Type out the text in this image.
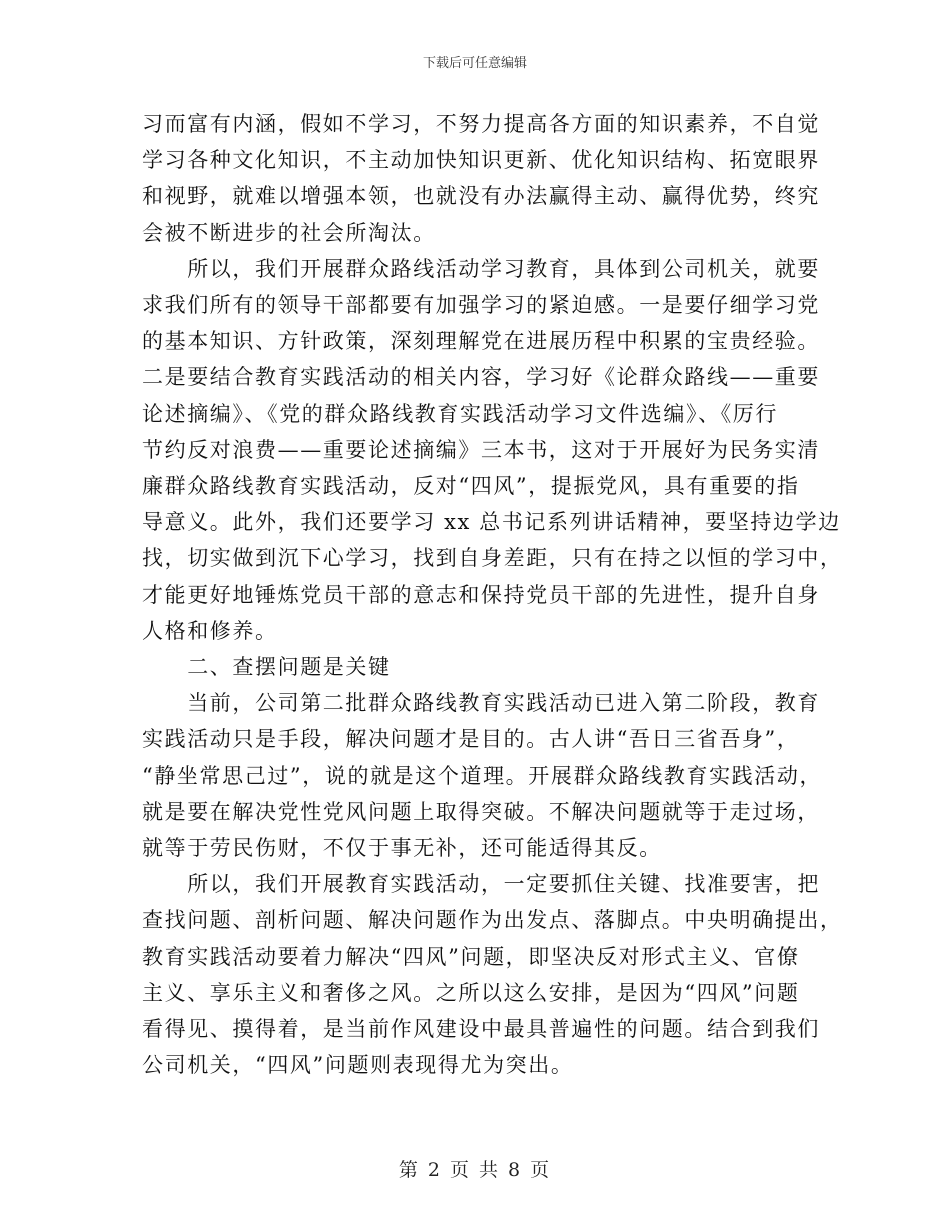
下载后可任意编辑

习而富有内涵，假如不学习，不努力提高各方面的知识素养，不自觉

学习各种文化知识，不主动加快知识更新、优化知识结构、拓宽眼界

和视野，就难以增强本领，也就没有办法赢得主动、赢得优势，终究

会被不断进步的社会所淘汰。

　　所以，我们开展群众路线活动学习教育，具体到公司机关，就要

求我们所有的领导干部都要有加强学习的紧迫感。一是要仔细学习党

的基本知识、方针政策，深刻理解党在进展历程中积累的宝贵经验。

二是要结合教育实践活动的相关内容，学习好《论群众路线——重要

论述摘编》、《党的群众路线教育实践活动学习文件选编》、《厉行

节约反对浪费——重要论述摘编》三本书，这对于开展好为民务实清

廉群众路线教育实践活动，反对“四风”，提振党风，具有重要的指

导意义。此外，我们还要学习 xx 总书记系列讲话精神，要坚持边学边

找，切实做到沉下心学习，找到自身差距，只有在持之以恒的学习中，

才能更好地锤炼党员干部的意志和保持党员干部的先进性，提升自身

人格和修养。

　　二、查摆问题是关键

　　当前，公司第二批群众路线教育实践活动已进入第二阶段，教育

实践活动只是手段，解决问题才是目的。古人讲“吾日三省吾身”，

“静坐常思己过”，说的就是这个道理。开展群众路线教育实践活动，

就是要在解决党性党风问题上取得突破。不解决问题就等于走过场，

就等于劳民伤财，不仅于事无补，还可能适得其反。

　　所以，我们开展教育实践活动，一定要抓住关键、找准要害，把

查找问题、剖析问题、解决问题作为出发点、落脚点。中央明确提出，

教育实践活动要着力解决“四风”问题，即坚决反对形式主义、官僚

主义、享乐主义和奢侈之风。之所以这么安排，是因为“四风”问题

看得见、摸得着，是当前作风建设中最具普遍性的问题。结合到我们

公司机关，“四风”问题则表现得尤为突出。

第 2 页 共 8 页
